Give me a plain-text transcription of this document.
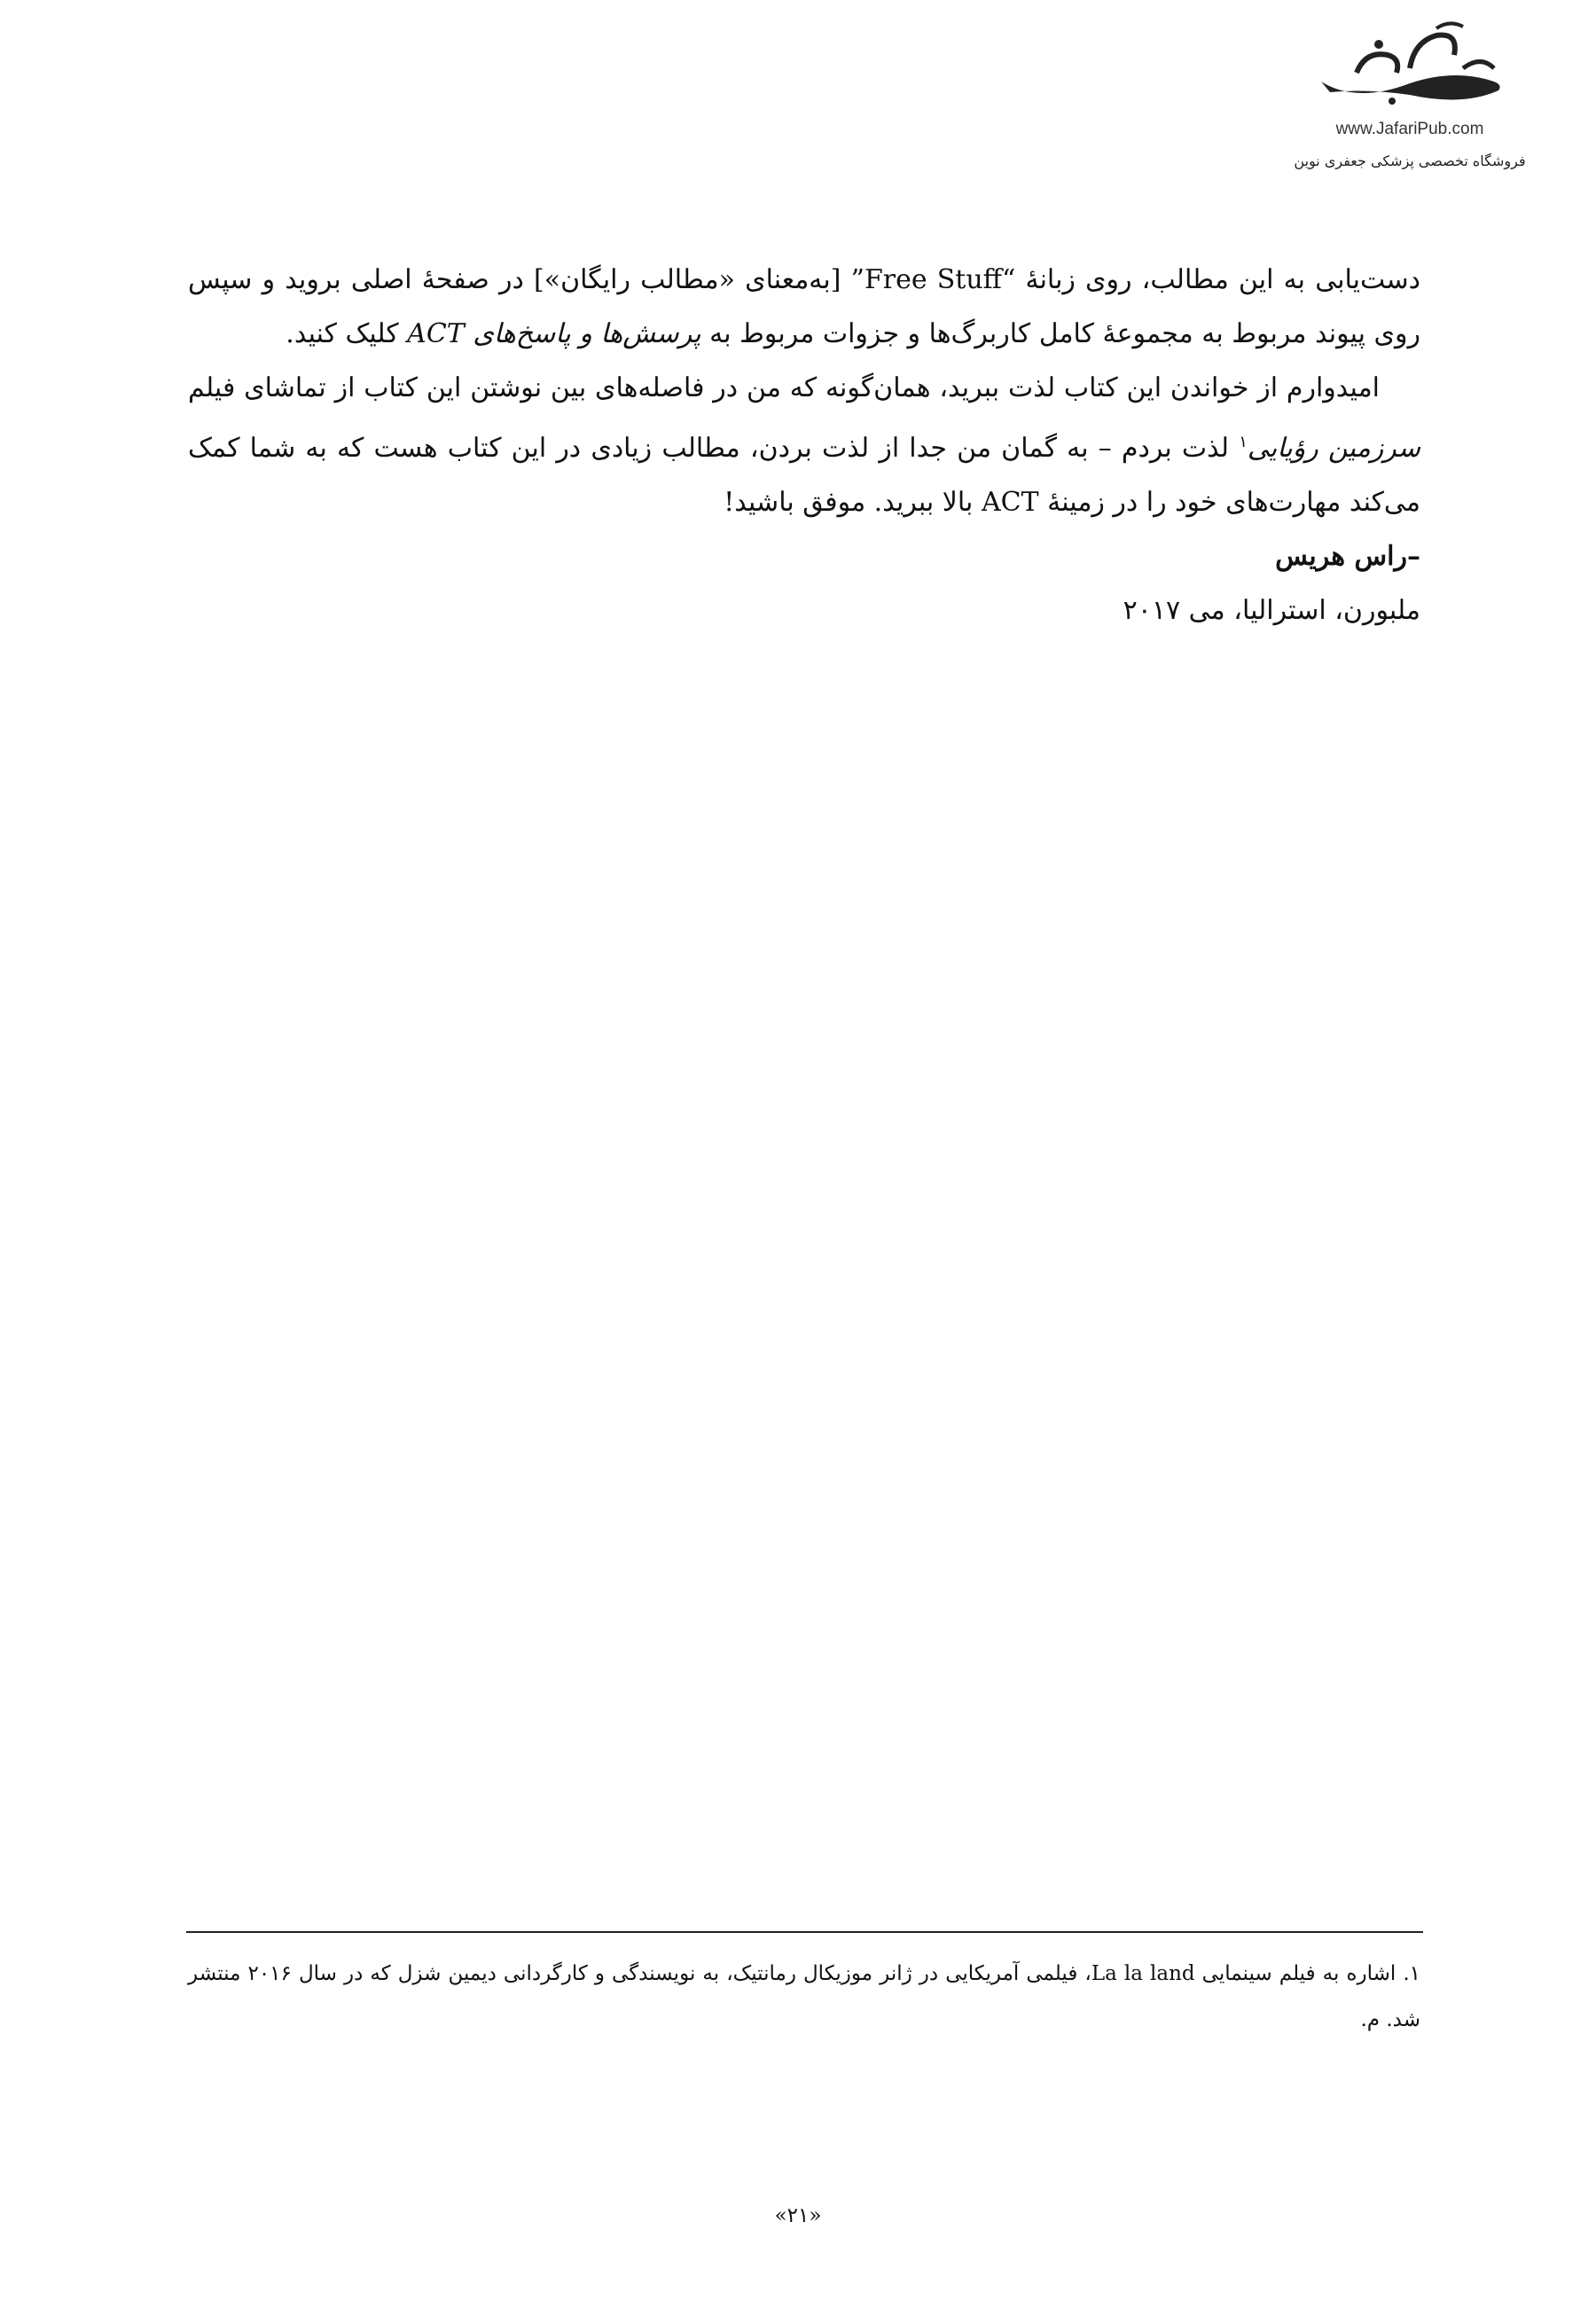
www.JafariPub.com
فروشگاه تخصصی پزشکی جعفری نوین

دست‌یابی به این مطالب، روی زبانهٔ “Free Stuff” [به‌معنای «مطالب رایگان»] در صفحهٔ اصلی بروید و سپس روی پیوند مربوط به مجموعهٔ کامل کاربرگ‌ها و جزوات مربوط به پرسش‌ها و پاسخ‌های ACT کلیک کنید.

امیدوارم از خواندن این کتاب لذت ببرید، همان‌گونه که من در فاصله‌های بین نوشتن این کتاب از تماشای فیلم سرزمین رؤیایی$^۱$ لذت بردم – به گمان من جدا از لذت بردن، مطالب زیادی در این کتاب هست که به شما کمک می‌کند مهارت‌های خود را در زمینهٔ ACT بالا ببرید. موفق باشید!

–راس هریس

ملبورن، استرالیا، می ۲۰۱۷

۱. اشاره به فیلم سینمایی La la land، فیلمی آمریکایی در ژانر موزیکال رمانتیک، به نویسندگی و کارگردانی دیمین شزل که در سال ۲۰۱۶ منتشر شد. م.
«۲۱»
